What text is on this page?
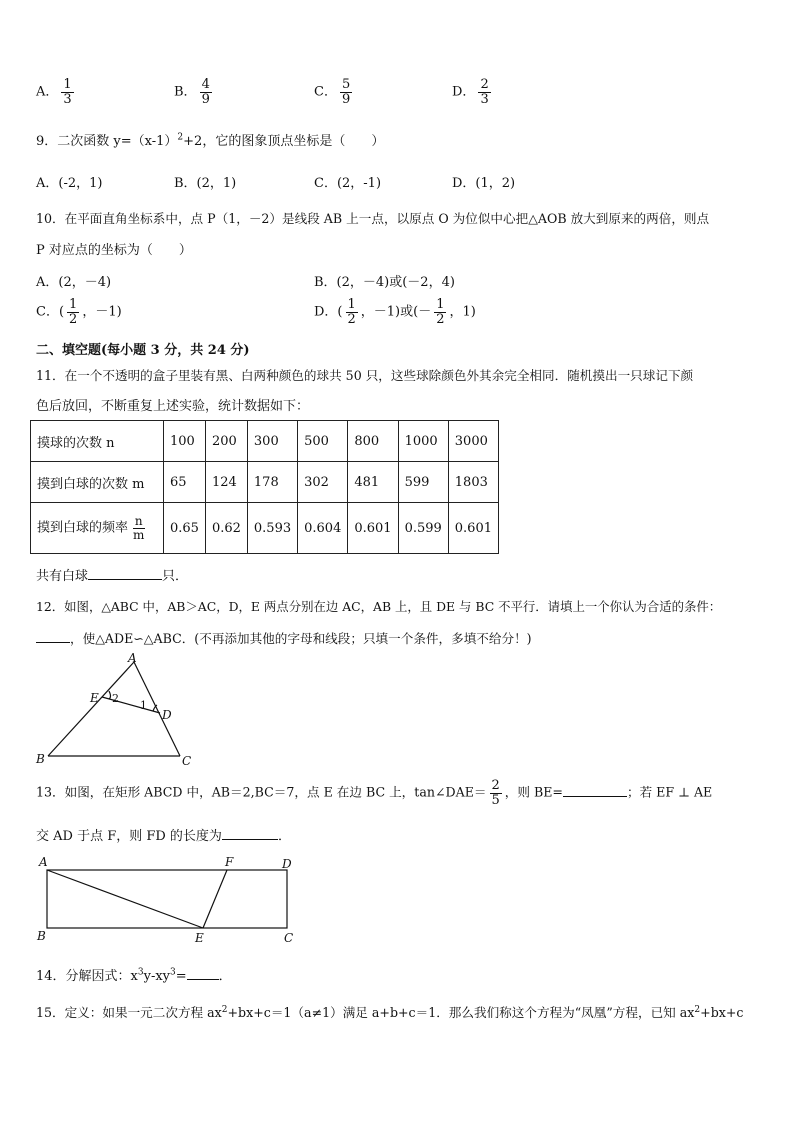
A． $\frac{1}{3}$	B． $\frac{4}{9}$	C． $\frac{5}{9}$	D． $\frac{2}{3}$
9．二次函数 $y=(x-1)^2+2$，它的图象顶点坐标是（　　）
A．(-2，1)	B．(2，1)	C．(2，-1)	D．(1，2)
10．在平面直角坐标系中，点 P（1，－2）是线段 AB 上一点，以原点 O 为位似中心把△AOB 放大到原来的两倍，则点
P 对应点的坐标为（　　）
A．(2，－4)	B．(2，－4)或(－2，4)
C．( $\frac{1}{2}$ ，－1)	D．( $\frac{1}{2}$ ，－1)或(－ $\frac{1}{2}$ ，1)
二、填空题(每小题 3 分，共 24 分)
11．在一个不透明的盒子里装有黑、白两种颜色的球共 50 只，这些球除颜色外其余完全相同．随机摸出一只球记下颜
色后放回，不断重复上述实验，统计数据如下：
摸球的次数 n	100	200	300	500	800	1000	3000
摸到白球的次数 m	65	124	178	302	481	599	1803
摸到白球的频率 $\frac{n}{m}$	0.65	0.62	0.593	0.604	0.601	0.599	0.601
共有白球	只．
12．如图，△ABC 中，AB＞AC，D，E 两点分别在边 AC，AB 上，且 DE 与 BC 不平行．请填上一个你认为合适的条件：
，使△ADE∽△ABC．(不再添加其他的字母和线段；只填一个条件，多填不给分！)
A
B	C
D
E 2
1
13．如图，在矩形 ABCD 中，AB＝2,BC＝7，点 E 在边 BC 上，tan∠DAE＝ $\frac{2}{5}$ ，则 BE=	；若 EF ⊥ AE
交 AD 于点 F，则 FD 的长度为	．
A	F	D
B	E	C
14．分解因式：$x^3y-xy^3=$ ．
15．定义：如果一元二次方程 $ax^2+bx+c=1(a\ne 1)$满足 a+b+c＝1．那么我们称这个方程为“凤凰”方程，已知 $ax^2+bx+c$
